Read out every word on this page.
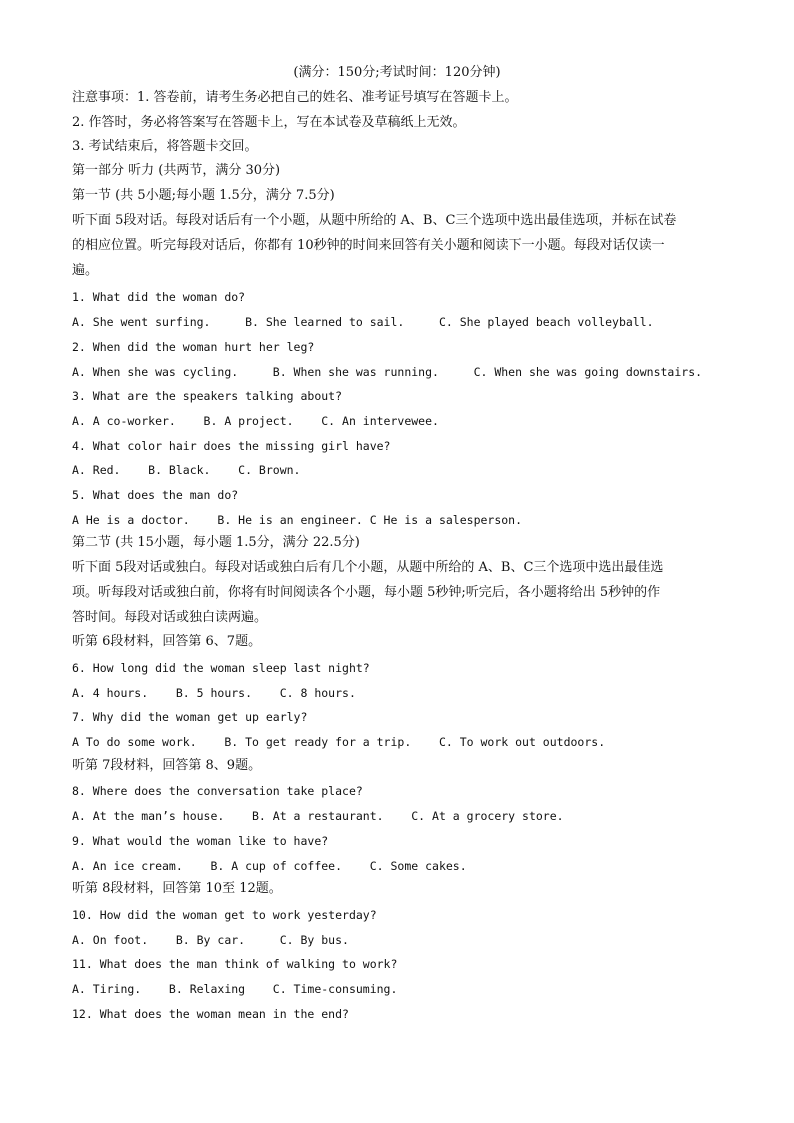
(满分：150分;考试时间：120分钟)
注意事项：1. 答卷前，请考生务必把自己的姓名、准考证号填写在答题卡上。
2. 作答时，务必将答案写在答题卡上，写在本试卷及草稿纸上无效。
3. 考试结束后，将答题卡交回。
第一部分 听力 (共两节，满分 30分)
第一节 (共 5小题;每小题 1.5分，满分 7.5分)
听下面 5段对话。每段对话后有一个小题，从题中所给的 A、B、C三个选项中选出最佳选项，并标在试卷
的相应位置。听完每段对话后，你都有 10秒钟的时间来回答有关小题和阅读下一小题。每段对话仅读一
遍。
1. What did the woman do?
A. She went surfing.     B. She learned to sail.     C. She played beach volleyball.
2. When did the woman hurt her leg?
A. When she was cycling.     B. When she was running.     C. When she was going downstairs.
3. What are the speakers talking about?
A. A co-worker.    B. A project.    C. An intervewee.
4. What color hair does the missing girl have?
A. Red.    B. Black.    C. Brown.
5. What does the man do?
A He is a doctor.    B. He is an engineer. C He is a salesperson.
第二节 (共 15小题，每小题 1.5分，满分 22.5分)
听下面 5段对话或独白。每段对话或独白后有几个小题，从题中所给的 A、B、C三个选项中选出最佳选
项。听每段对话或独白前，你将有时间阅读各个小题，每小题 5秒钟;听完后，各小题将给出 5秒钟的作
答时间。每段对话或独白读两遍。
听第 6段材料，回答第 6、7题。
6. How long did the woman sleep last night?
A. 4 hours.    B. 5 hours.    C. 8 hours.
7. Why did the woman get up early?
A To do some work.    B. To get ready for a trip.    C. To work out outdoors.
听第 7段材料，回答第 8、9题。
8. Where does the conversation take place?
A. At the man’s house.    B. At a restaurant.    C. At a grocery store.
9. What would the woman like to have?
A. An ice cream.    B. A cup of coffee.    C. Some cakes.
听第 8段材料，回答第 10至 12题。
10. How did the woman get to work yesterday?
A. On foot.    B. By car.     C. By bus.
11. What does the man think of walking to work?
A. Tiring.    B. Relaxing    C. Time-consuming.
12. What does the woman mean in the end?
